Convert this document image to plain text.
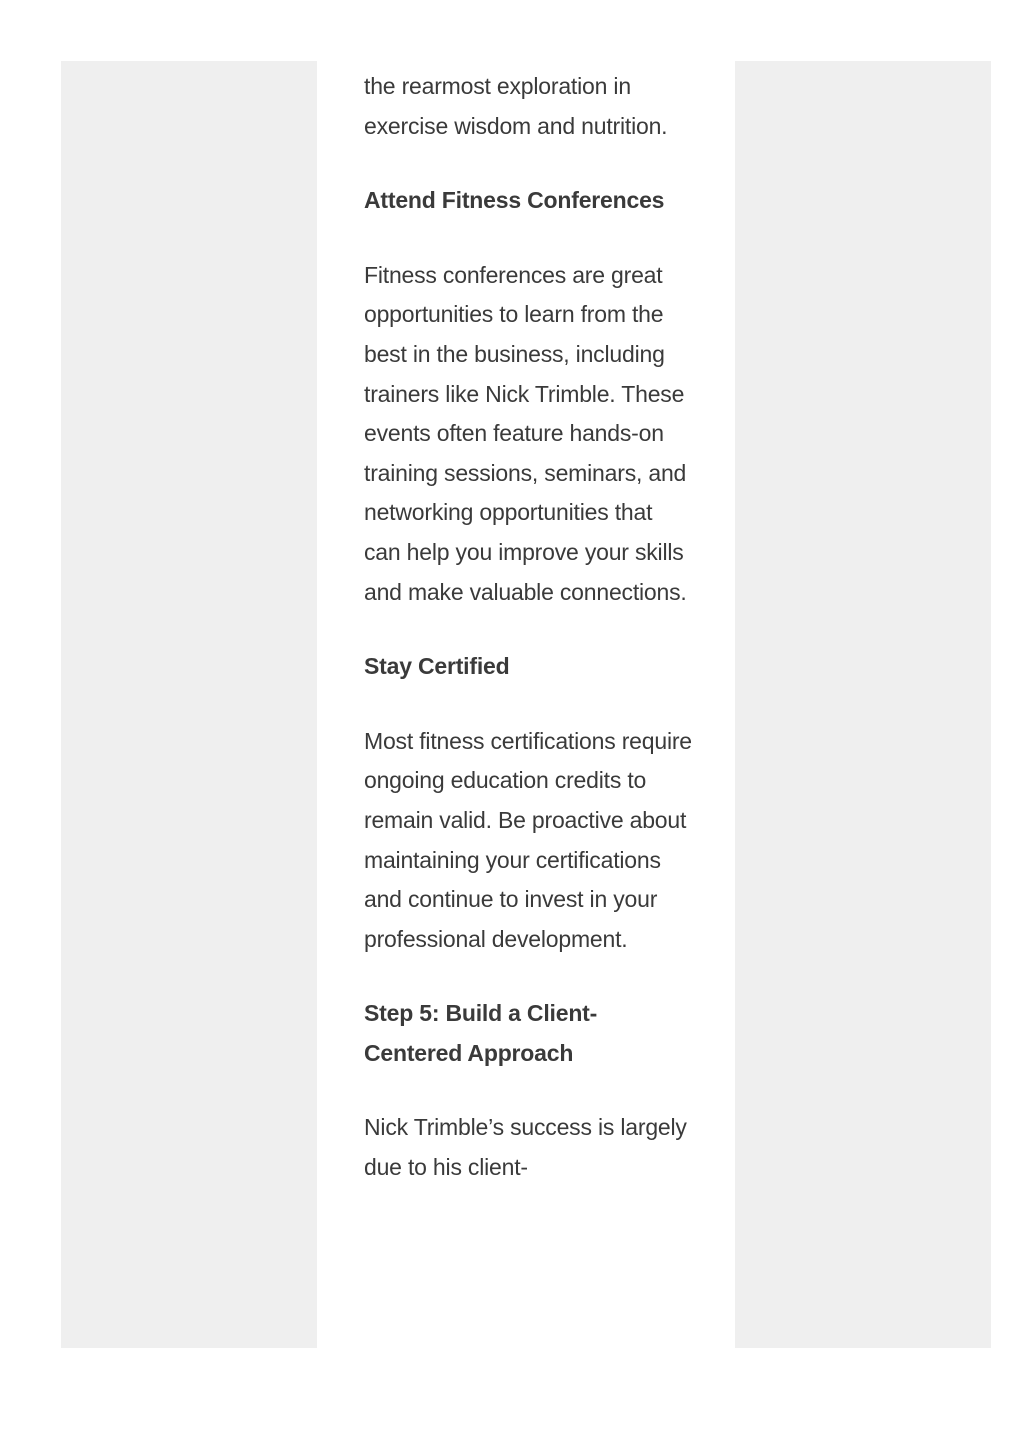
the rearmost exploration in exercise wisdom and nutrition.

Attend Fitness Conferences

Fitness conferences are great opportunities to learn from the best in the business, including trainers like Nick Trimble. These events often feature hands-on training sessions, seminars, and networking opportunities that can help you improve your skills and make valuable connections.

Stay Certified

Most fitness certifications require ongoing education credits to remain valid. Be proactive about maintaining your certifications and continue to invest in your professional development.

Step 5: Build a Client-Centered Approach

Nick Trimble’s success is largely due to his client-
